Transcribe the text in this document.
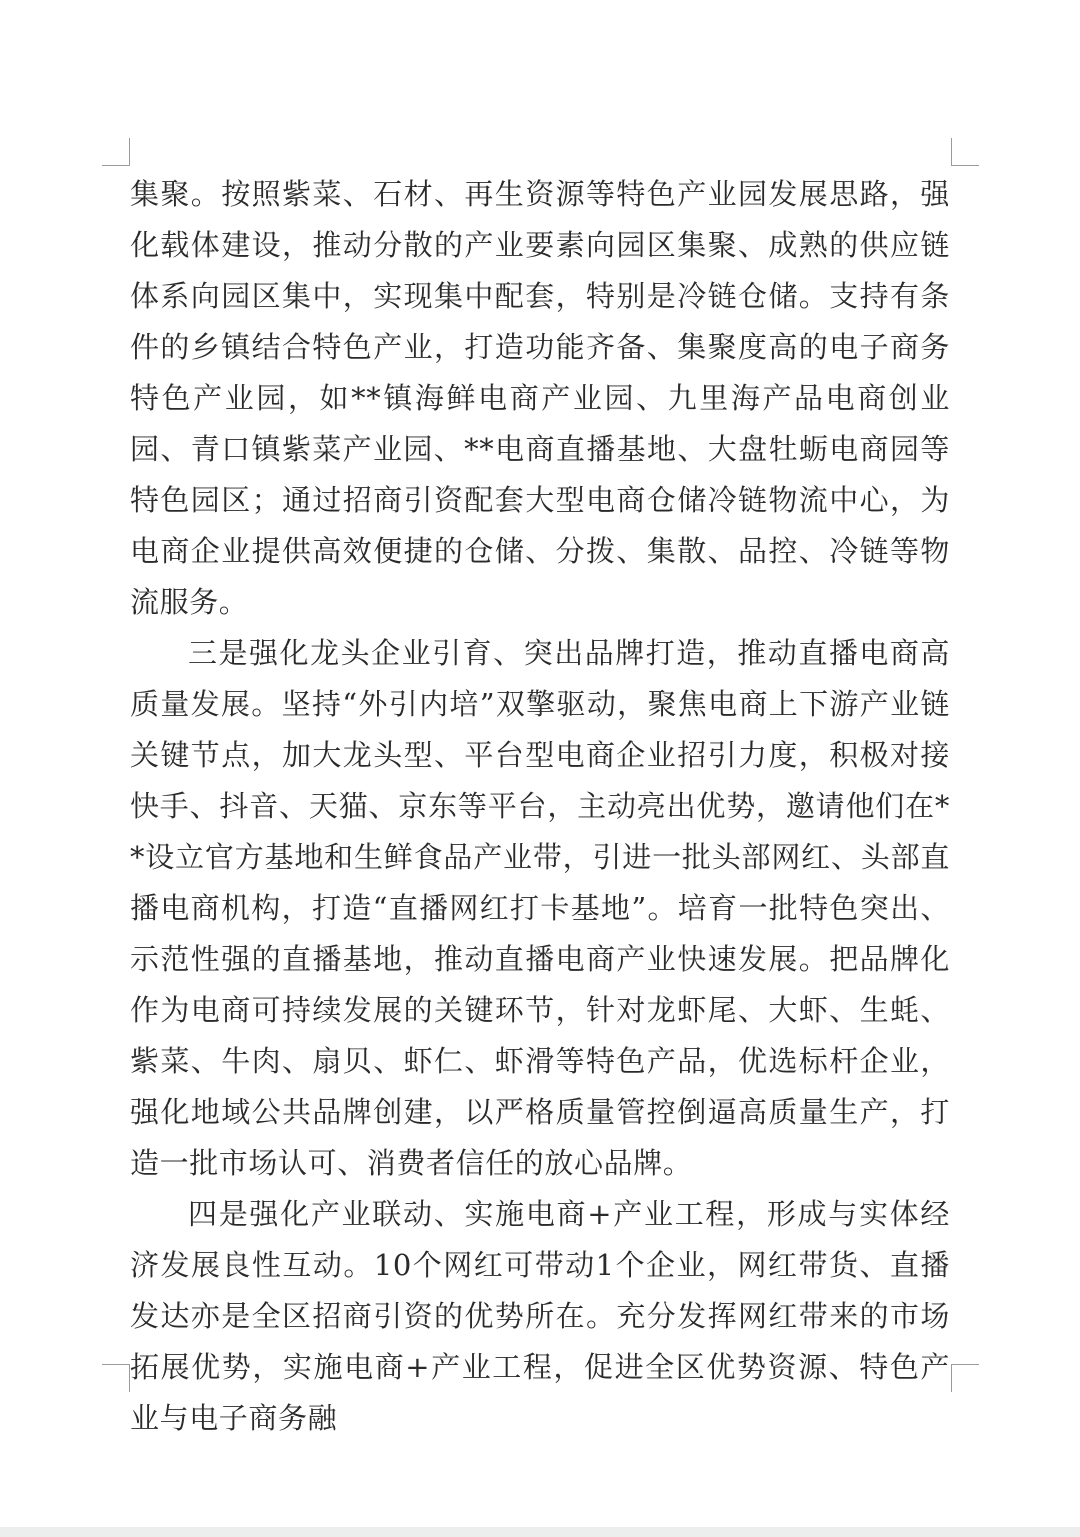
集聚。按照紫菜、石材、再生资源等特色产业园发展思路，强化载体建设，推动分散的产业要素向园区集聚、成熟的供应链体系向园区集中，实现集中配套，特别是冷链仓储。支持有条件的乡镇结合特色产业，打造功能齐备、集聚度高的电子商务特色产业园，如**镇海鲜电商产业园、九里海产品电商创业园、青口镇紫菜产业园、**电商直播基地、大盘牡蛎电商园等特色园区；通过招商引资配套大型电商仓储冷链物流中心，为电商企业提供高效便捷的仓储、分拨、集散、品控、冷链等物流服务。

三是强化龙头企业引育、突出品牌打造，推动直播电商高质量发展。坚持“外引内培”双擎驱动，聚焦电商上下游产业链关键节点，加大龙头型、平台型电商企业招引力度，积极对接快手、抖音、天猫、京东等平台，主动亮出优势，邀请他们在**设立官方基地和生鲜食品产业带，引进一批头部网红、头部直播电商机构，打造“直播网红打卡基地”。培育一批特色突出、示范性强的直播基地，推动直播电商产业快速发展。把品牌化作为电商可持续发展的关键环节，针对龙虾尾、大虾、生蚝、紫菜、牛肉、扇贝、虾仁、虾滑等特色产品，优选标杆企业，强化地域公共品牌创建，以严格质量管控倒逼高质量生产，打造一批市场认可、消费者信任的放心品牌。

四是强化产业联动、实施电商+产业工程，形成与实体经济发展良性互动。10个网红可带动1个企业，网红带货、直播发达亦是全区招商引资的优势所在。充分发挥网红带来的市场拓展优势，实施电商+产业工程，促进全区优势资源、特色产业与电子商务融
